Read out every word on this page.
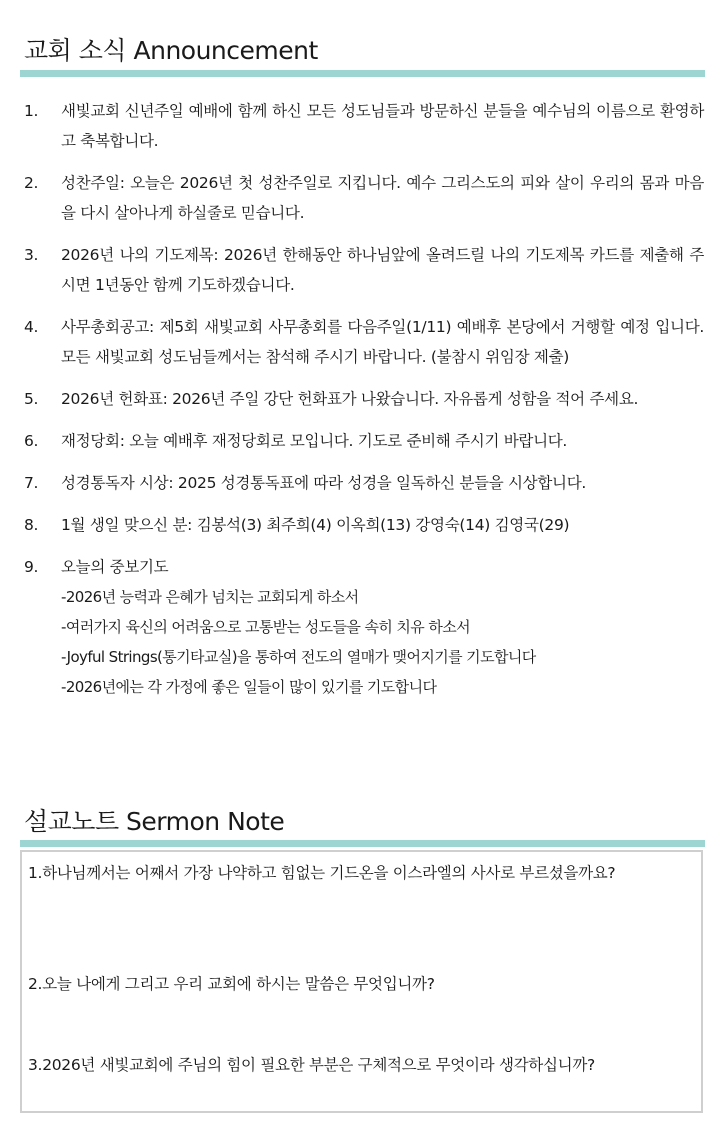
교회 소식 Announcement
1. 새빛교회 신년주일 예배에 함께 하신 모든 성도님들과 방문하신 분들을 예수님의 이름으로 환영하고 축복합니다.
2. 성찬주일: 오늘은 2026년 첫 성찬주일로 지킵니다. 예수 그리스도의 피와 살이 우리의 몸과 마음을 다시 살아나게 하실줄로 믿습니다.
3. 2026년 나의 기도제목: 2026년 한해동안 하나님앞에 올려드릴 나의 기도제목 카드를 제출해 주시면 1년동안 함께 기도하겠습니다.
4. 사무총회공고: 제5회 새빛교회 사무총회를 다음주일(1/11) 예배후 본당에서 거행할 예정 입니다. 모든 새빛교회 성도님들께서는 참석해 주시기 바랍니다. (불참시 위임장 제출)
5. 2026년 헌화표: 2026년 주일 강단 헌화표가 나왔습니다. 자유롭게 성함을 적어 주세요.
6. 재정당회: 오늘 예배후 재정당회로 모입니다. 기도로 준비해 주시기 바랍니다.
7. 성경통독자 시상: 2025 성경통독표에 따라 성경을 일독하신 분들을 시상합니다.
8. 1월 생일 맞으신 분: 김봉석(3) 최주희(4) 이옥희(13) 강영숙(14) 김영국(29)
9. 오늘의 중보기도
-2026년 능력과 은혜가 넘치는 교회되게 하소서
-여러가지 육신의 어려움으로 고통받는 성도들을 속히 치유 하소서
-Joyful Strings(통기타교실)을 통하여 전도의 열매가 맺어지기를 기도합니다
-2026년에는 각 가정에 좋은 일들이 많이 있기를 기도합니다
설교노트 Sermon Note

1.하나님께서는 어째서 가장 나약하고 힘없는 기드온을 이스라엘의 사사로 부르셨을까요?

2.오늘 나에게 그리고 우리 교회에 하시는 말씀은 무엇입니까?

3.2026년 새빛교회에 주님의 힘이 필요한 부분은 구체적으로 무엇이라 생각하십니까?
